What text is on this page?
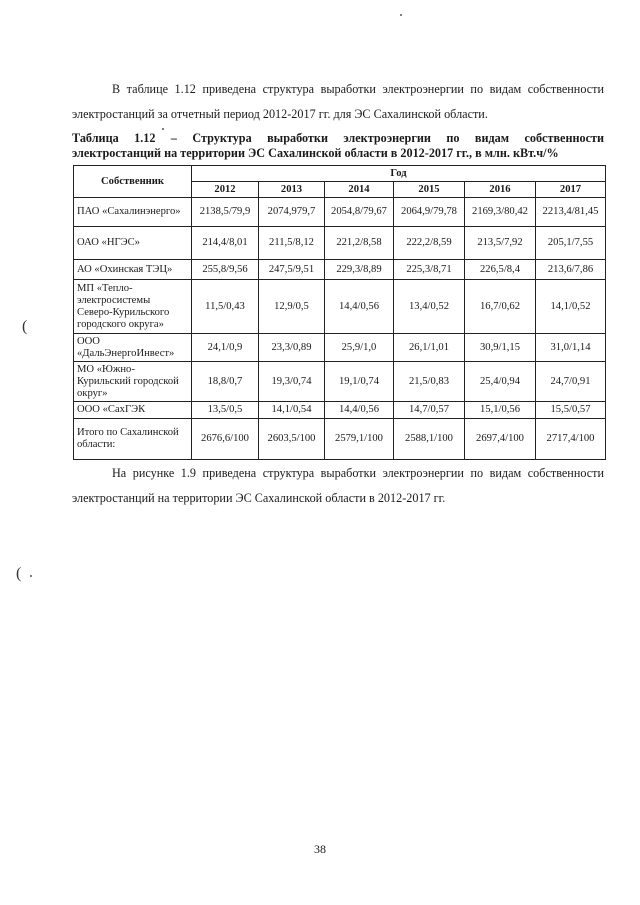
В таблице 1.12 приведена структура выработки электроэнергии по видам собственности электростанций за отчетный период 2012-2017 гг. для ЭС Сахалинской области.

Таблица 1.12 – Структура выработки электроэнергии по видам собственности
электростанций на территории ЭС Сахалинской области в 2012-2017 гг., в млн. кВт.ч/%
Собственник	Год					
	2012	2013	2014	2015	2016	2017
ПАО «Сахалинэнерго»	2138,5/79,9	2074,979,7	2054,8/79,67	2064,9/79,78	2169,3/80,42	2213,4/81,45
ОАО «НГЭС»	214,4/8,01	211,5/8,12	221,2/8,58	222,2/8,59	213,5/7,92	205,1/7,55
АО «Охинская ТЭЦ»	255,8/9,56	247,5/9,51	229,3/8,89	225,3/8,71	226,5/8,4	213,6/7,86
МП «Тепло-электросистемы Северо-Курильского городского округа»	11,5/0,43	12,9/0,5	14,4/0,56	13,4/0,52	16,7/0,62	14,1/0,52
ООО «ДальЭнергоИнвест»	24,1/0,9	23,3/0,89	25,9/1,0	26,1/1,01	30,9/1,15	31,0/1,14
МО «Южно-Курильский городской округ»	18,8/0,7	19,3/0,74	19,1/0,74	21,5/0,83	25,4/0,94	24,7/0,91
ООО «СахГЭК	13,5/0,5	14,1/0,54	14,4/0,56	14,7/0,57	15,1/0,56	15,5/0,57
Итого по Сахалинской области:	2676,6/100	2603,5/100	2579,1/100	2588,1/100	2697,4/100	2717,4/100

На рисунке 1.9 приведена структура выработки электроэнергии по видам собственности электростанций на территории ЭС Сахалинской области в 2012-2017 гг.

38
(
(
